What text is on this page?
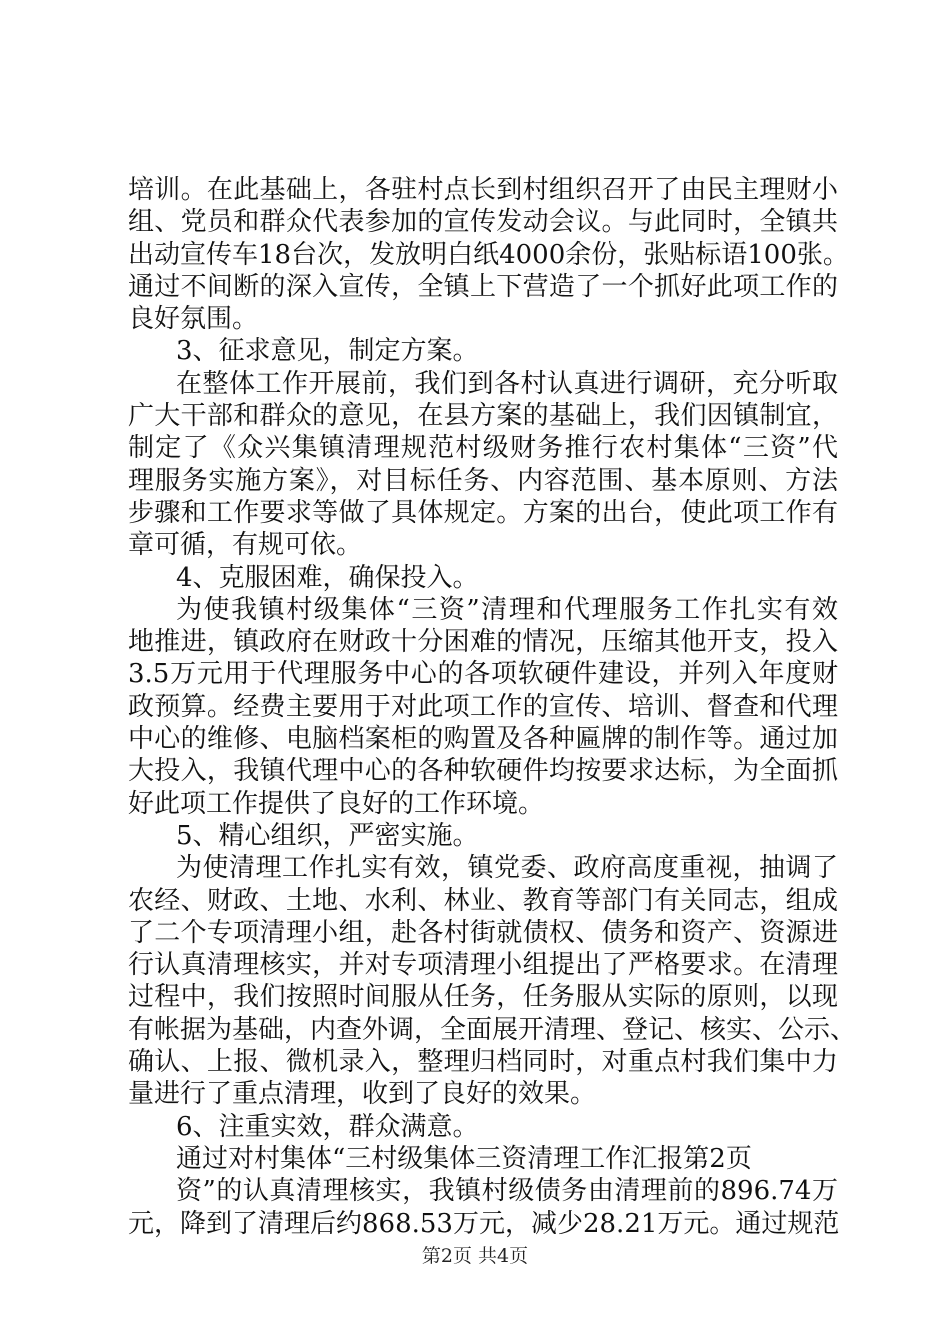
培训。在此基础上，各驻村点长到村组织召开了由民主理财小
组、党员和群众代表参加的宣传发动会议。与此同时，全镇共
出动宣传车18台次，发放明白纸4000余份，张贴标语100张。
通过不间断的深入宣传，全镇上下营造了一个抓好此项工作的
良好氛围。
3、征求意见，制定方案。
在整体工作开展前，我们到各村认真进行调研，充分听取
广大干部和群众的意见，在县方案的基础上，我们因镇制宜，
制定了《众兴集镇清理规范村级财务推行农村集体“三资”代
理服务实施方案》，对目标任务、内容范围、基本原则、方法
步骤和工作要求等做了具体规定。方案的出台，使此项工作有
章可循，有规可依。
4、克服困难，确保投入。
为使我镇村级集体“三资”清理和代理服务工作扎实有效
地推进，镇政府在财政十分困难的情况，压缩其他开支，投入
3.5万元用于代理服务中心的各项软硬件建设，并列入年度财
政预算。经费主要用于对此项工作的宣传、培训、督查和代理
中心的维修、电脑档案柜的购置及各种匾牌的制作等。通过加
大投入，我镇代理中心的各种软硬件均按要求达标，为全面抓
好此项工作提供了良好的工作环境。
5、精心组织，严密实施。
为使清理工作扎实有效，镇党委、政府高度重视，抽调了
农经、财政、土地、水利、林业、教育等部门有关同志，组成
了二个专项清理小组，赴各村街就债权、债务和资产、资源进
行认真清理核实，并对专项清理小组提出了严格要求。在清理
过程中，我们按照时间服从任务，任务服从实际的原则，以现
有帐据为基础，内查外调，全面展开清理、登记、核实、公示、
确认、上报、微机录入，整理归档同时，对重点村我们集中力
量进行了重点清理，收到了良好的效果。
6、注重实效，群众满意。
通过对村集体“三村级集体三资清理工作汇报第2页
资”的认真清理核实，我镇村级债务由清理前的896.74万
元，降到了清理后约868.53万元，减少28.21万元。通过规范
第2页 共4页
